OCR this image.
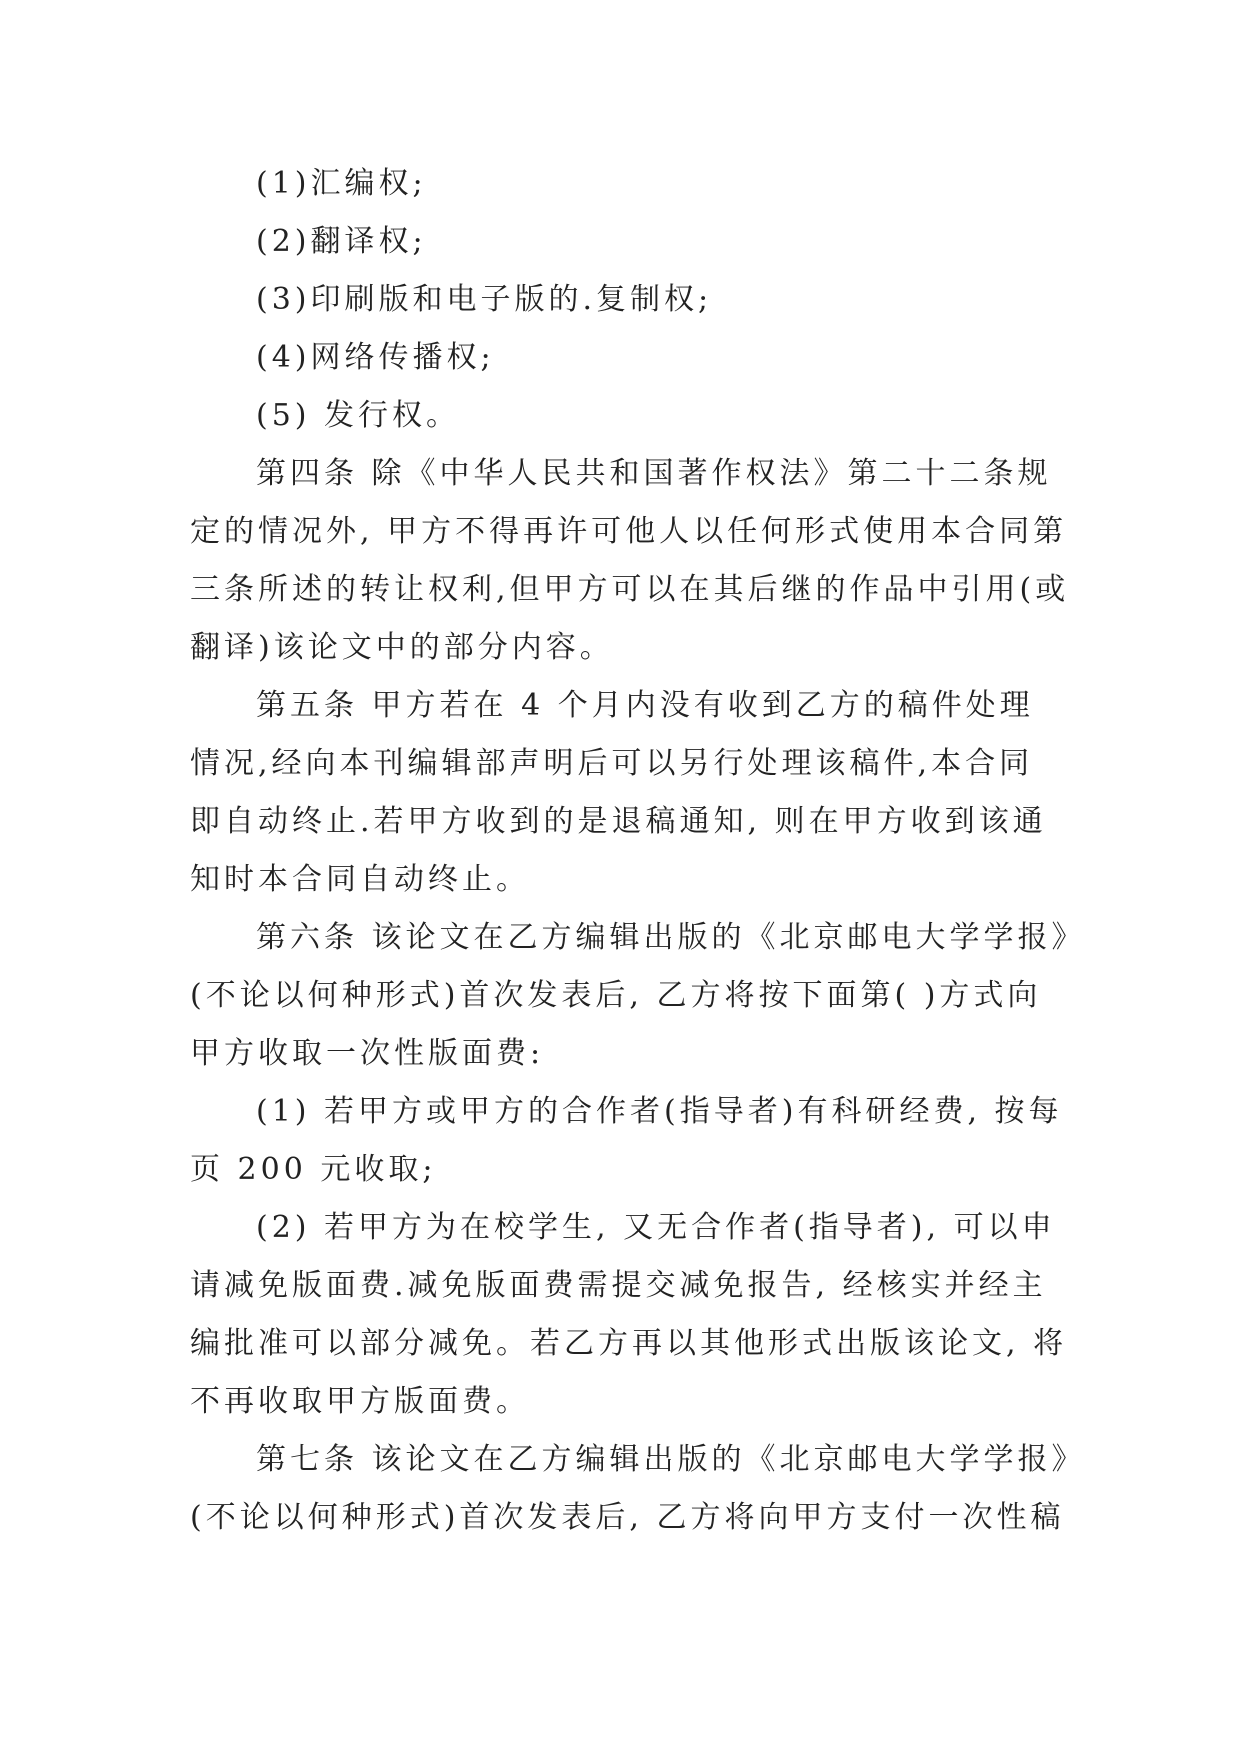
(1)汇编权;
(2)翻译权;
(3)印刷版和电子版的.复制权;
(4)网络传播权;
(5) 发行权。
第四条 除《中华人民共和国著作权法》第二十二条规
定的情况外, 甲方不得再许可他人以任何形式使用本合同第
三条所述的转让权利,但甲方可以在其后继的作品中引用(或
翻译)该论文中的部分内容。
第五条 甲方若在 4 个月内没有收到乙方的稿件处理
情况,经向本刊编辑部声明后可以另行处理该稿件,本合同
即自动终止.若甲方收到的是退稿通知, 则在甲方收到该通
知时本合同自动终止。
第六条 该论文在乙方编辑出版的《北京邮电大学学报》
(不论以何种形式)首次发表后, 乙方将按下面第( )方式向
甲方收取一次性版面费:
(1) 若甲方或甲方的合作者(指导者)有科研经费, 按每
页 200 元收取;
(2) 若甲方为在校学生, 又无合作者(指导者), 可以申
请减免版面费.减免版面费需提交减免报告, 经核实并经主
编批准可以部分减免。若乙方再以其他形式出版该论文, 将
不再收取甲方版面费。
第七条 该论文在乙方编辑出版的《北京邮电大学学报》
(不论以何种形式)首次发表后, 乙方将向甲方支付一次性稿
